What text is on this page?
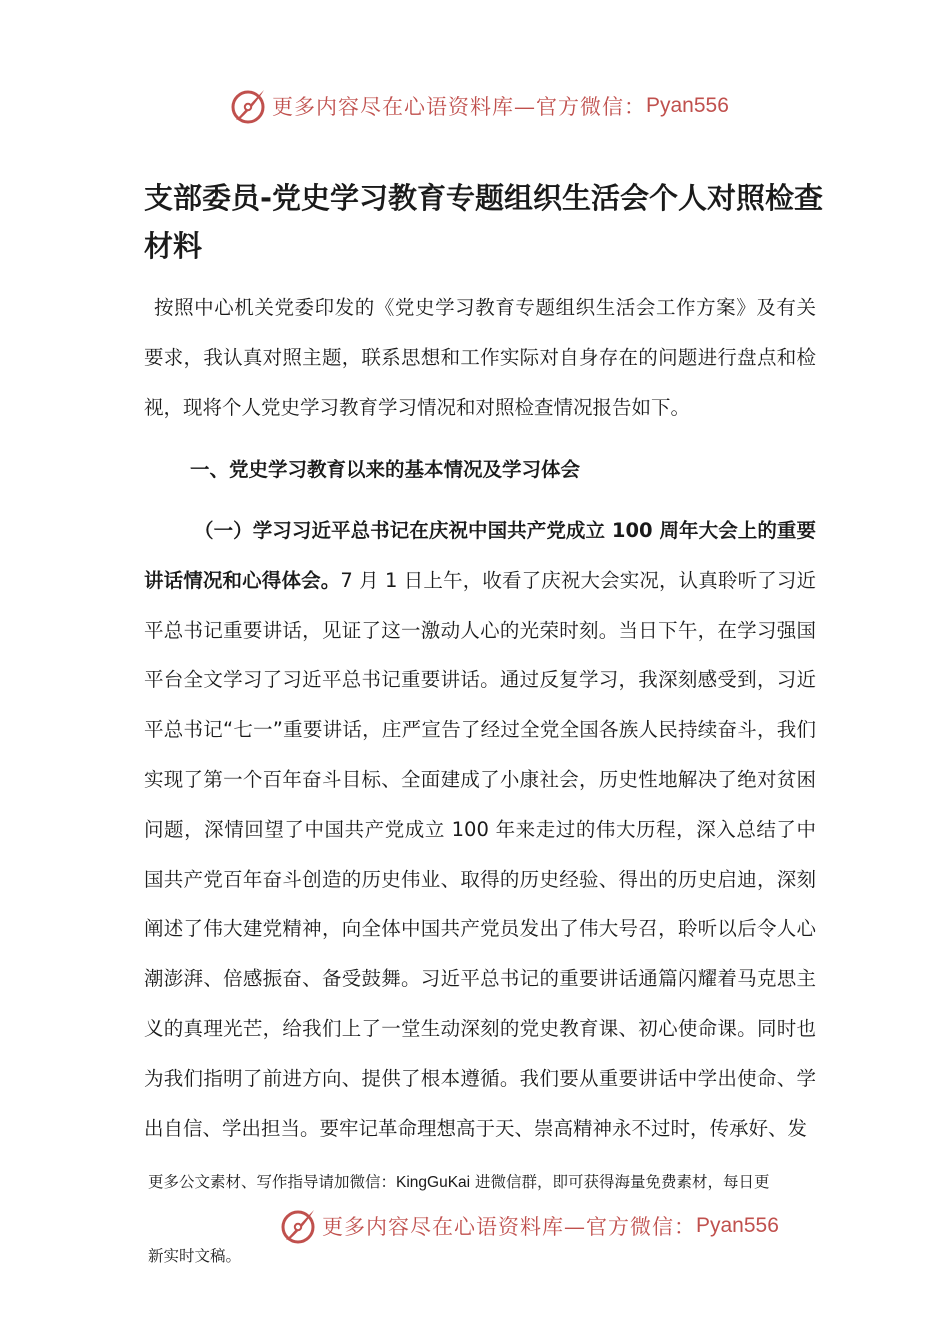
更多内容尽在心语资料库—官方微信： Pyan556
支部委员-党史学习教育专题组织生活会个人对照检查材料

按照中心机关党委印发的《党史学习教育专题组织生活会工作方案》及有关要求，我认真对照主题，联系思想和工作实际对自身存在的问题进行盘点和检视，现将个人党史学习教育学习情况和对照检查情况报告如下。

一、党史学习教育以来的基本情况及学习体会

（一）学习习近平总书记在庆祝中国共产党成立 100 周年大会上的重要讲话情况和心得体会。7 月 1 日上午，收看了庆祝大会实况，认真聆听了习近平总书记重要讲话，见证了这一激动人心的光荣时刻。当日下午，在学习强国平台全文学习了习近平总书记重要讲话。通过反复学习，我深刻感受到，习近平总书记“七一”重要讲话，庄严宣告了经过全党全国各族人民持续奋斗，我们实现了第一个百年奋斗目标、全面建成了小康社会，历史性地解决了绝对贫困问题，深情回望了中国共产党成立 100 年来走过的伟大历程，深入总结了中国共产党百年奋斗创造的历史伟业、取得的历史经验、得出的历史启迪，深刻阐述了伟大建党精神，向全体中国共产党员发出了伟大号召，聆听以后令人心潮澎湃、倍感振奋、备受鼓舞。习近平总书记的重要讲话通篇闪耀着马克思主义的真理光芒，给我们上了一堂生动深刻的党史教育课、初心使命课。同时也为我们指明了前进方向、提供了根本遵循。我们要从重要讲话中学出使命、学出自信、学出担当。要牢记革命理想高于天、崇高精神永不过时，传承好、发

更多公文素材、写作指导请加微信：KingGuKai 进微信群，即可获得海量免费素材，每日更

更多内容尽在心语资料库—官方微信： Pyan556

新实时文稿。
